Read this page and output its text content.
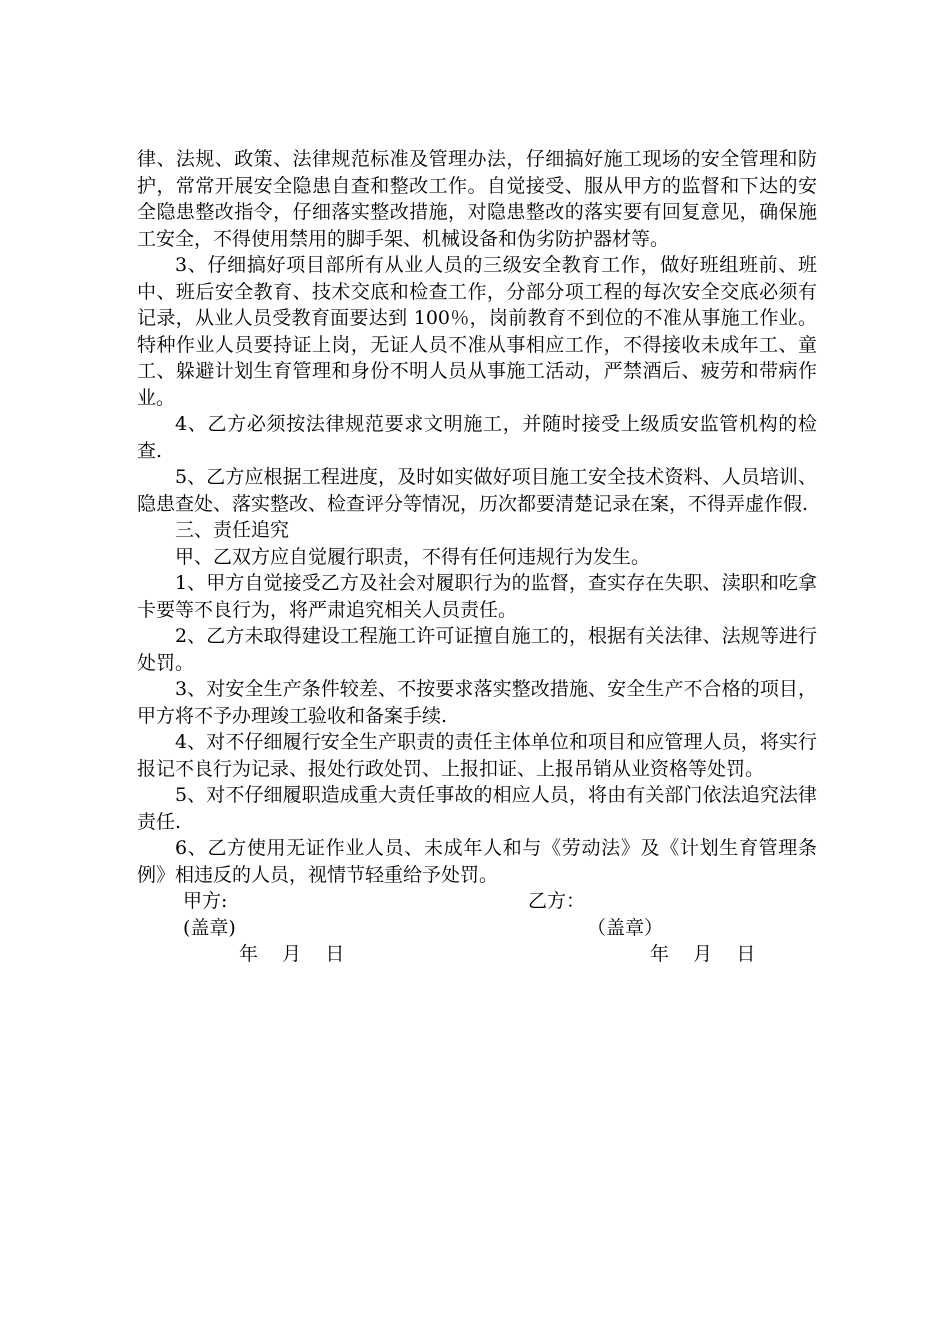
律、法规、政策、法律规范标准及管理办法，仔细搞好施工现场的安全管理和防护，常常开展安全隐患自查和整改工作。自觉接受、服从甲方的监督和下达的安全隐患整改指令，仔细落实整改措施，对隐患整改的落实要有回复意见，确保施工安全，不得使用禁用的脚手架、机械设备和伪劣防护器材等。

3、仔细搞好项目部所有从业人员的三级安全教育工作，做好班组班前、班中、班后安全教育、技术交底和检查工作，分部分项工程的每次安全交底必须有记录，从业人员受教育面要达到 100％，岗前教育不到位的不准从事施工作业。特种作业人员要持证上岗，无证人员不准从事相应工作，不得接收未成年工、童工、躲避计划生育管理和身份不明人员从事施工活动，严禁酒后、疲劳和带病作业。

4、乙方必须按法律规范要求文明施工，并随时接受上级质安监管机构的检查.

5、乙方应根据工程进度，及时如实做好项目施工安全技术资料、人员培训、隐患查处、落实整改、检查评分等情况，历次都要清楚记录在案，不得弄虚作假.

三、责任追究

甲、乙双方应自觉履行职责，不得有任何违规行为发生。

1、甲方自觉接受乙方及社会对履职行为的监督，查实存在失职、渎职和吃拿卡要等不良行为，将严肃追究相关人员责任。

2、乙方未取得建设工程施工许可证擅自施工的，根据有关法律、法规等进行处罚。

3、对安全生产条件较差、不按要求落实整改措施、安全生产不合格的项目，甲方将不予办理竣工验收和备案手续.

4、对不仔细履行安全生产职责的责任主体单位和项目和应管理人员，将实行报记不良行为记录、报处行政处罚、上报扣证、上报吊销从业资格等处罚。

5、对不仔细履职造成重大责任事故的相应人员，将由有关部门依法追究法律责任.

6、乙方使用无证作业人员、未成年人和与《劳动法》及《计划生育管理条例》相违反的人员，视情节轻重给予处罚。

甲方:	乙方：
(盖章)	（盖章）
年    月    日	年    月    日
